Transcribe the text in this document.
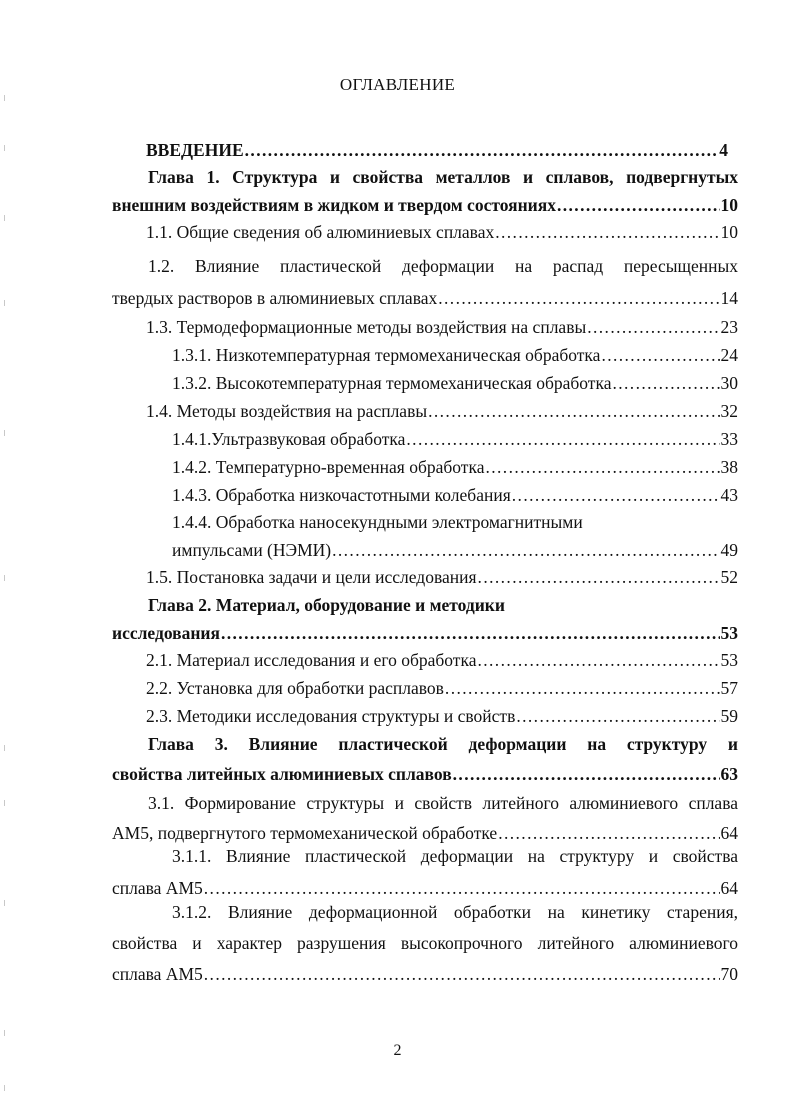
ОГЛАВЛЕНИЕ
ВВЕДЕНИЕ .....	4
Глава 1. Структура и свойства металлов и сплавов, подвергнутых
внешним воздействиям в жидком и твердом состояниях .....	10
1.1. Общие сведения об алюминиевых сплавах .....	10
1.2. Влияние пластической деформации на распад пересыщенных
твердых растворов в алюминиевых сплавах .....	14
1.3. Термодеформационные методы воздействия на сплавы .....	23
1.3.1. Низкотемпературная термомеханическая обработка .....	24
1.3.2. Высокотемпературная термомеханическая обработка .....	30
1.4. Методы воздействия на расплавы .....	32
1.4.1.Ультразвуковая обработка .....	33
1.4.2. Температурно-временная обработка .....	38
1.4.3. Обработка низкочастотными колебания .....	43
1.4.4. Обработка наносекундными электромагнитными
импульсами (НЭМИ) .....	49
1.5. Постановка задачи и цели исследования .....	52
Глава 2. Материал, оборудование и методики
исследования .....	53
2.1. Материал исследования и его обработка .....	53
2.2. Установка для обработки расплавов .....	57
2.3. Методики исследования структуры и свойств .....	59
Глава 3. Влияние пластической деформации на структуру и
свойства литейных алюминиевых сплавов .....	63
3.1. Формирование структуры и свойств литейного алюминиевого сплава
АМ5, подвергнутого термомеханической обработке .....	64
3.1.1. Влияние пластической деформации на структуру и свойства
сплава АМ5 .....	64
3.1.2. Влияние деформационной обработки на кинетику старения,
свойства и характер разрушения высокопрочного литейного алюминиевого
сплава АМ5 .....	70
2
